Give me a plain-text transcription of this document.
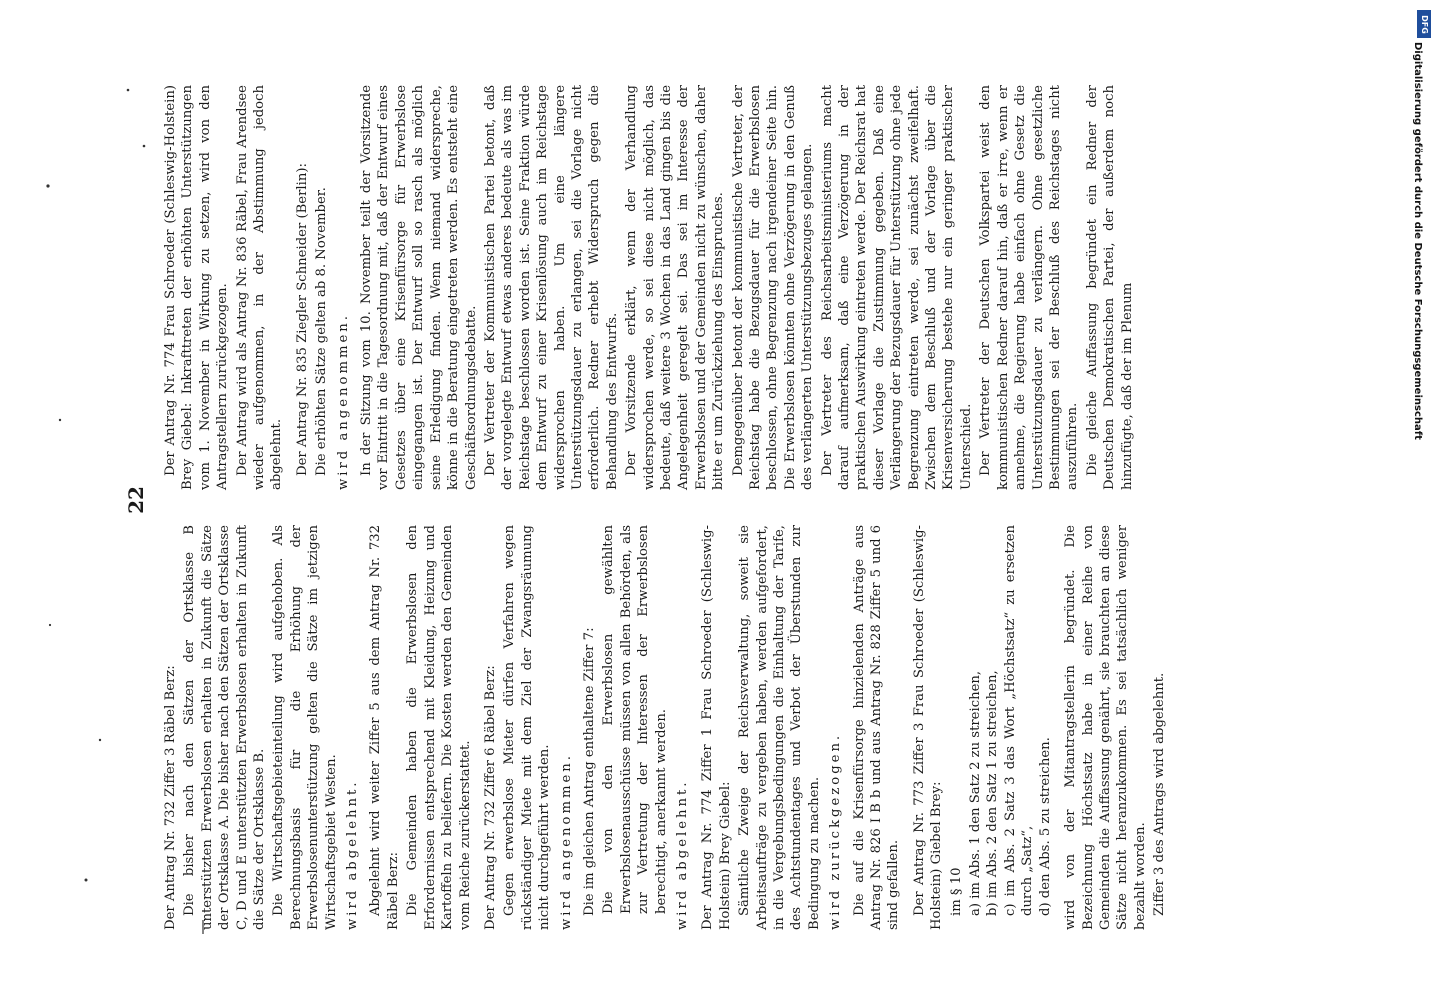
22

Der Antrag Nr. 732 Ziffer 3 Räbel Berz: Die bisher nach den Sätzen der Ortsklasse B unterstützten Erwerbslosen erhalten in Zukunft die Sätze der Ortsklasse A. Die bisher nach den Sätzen der Ortsklasse C, D und E unterstützten Erwerbslosen erhalten in Zukunft die Sätze der Ortsklasse B. Die Wirtschaftsgebieteinteilung wird aufgehoben. Als Berechnungsbasis für die Erhöhung der Erwerbslosenunterstützung gelten die Sätze im jetzigen Wirtschaftsgebiet Westen. wird abgelehnt. Abgelehnt wird weiter Ziffer 5 aus dem Antrag Nr. 732 Räbel Berz: Die Gemeinden haben die Erwerbslosen den Erfordernissen entsprechend mit Kleidung, Heizung und Kartoffeln zu beliefern. Die Kosten werden den Gemeinden vom Reiche zurückerstattet. Der Antrag Nr. 732 Ziffer 6 Räbel Berz: Gegen erwerbslose Mieter dürfen Verfahren wegen rückständiger Miete mit dem Ziel der Zwangsräumung nicht durchgeführt werden. wird angenommen. Die im gleichen Antrag enthaltene Ziffer 7: Die von den Erwerbslosen gewählten Erwerbslosenausschüsse müssen von allen Behörden, als zur Vertretung der Interessen der Erwerbslosen berechtigt, anerkannt werden. wird abgelehnt. Der Antrag Nr. 774 Ziffer 1 Frau Schroeder (Schleswig-Holstein) Brey Giebel: Sämtliche Zweige der Reichsverwaltung, soweit sie Arbeitsaufträge zu vergeben haben, werden aufgefordert, in die Vergebungsbedingungen die Einhaltung der Tarife, des Achtstundentages und Verbot der Überstunden zur Bedingung zu machen. wird zurückgezogen. Die auf die Krisenfürsorge hinzielenden Anträge aus Antrag Nr. 826 I B b und aus Antrag Nr. 828 Ziffer 5 und 6 sind gefallen. Der Antrag Nr. 773 Ziffer 3 Frau Schroeder (Schleswig-Holstein) Giebel Brey: im § 10 a) im Abs. 1 den Satz 2 zu streichen, b) im Abs. 2 den Satz 1 zu streichen, c) im Abs. 2 Satz 3 das Wort „Höchstsatz“ zu ersetzen durch „Satz“, d) den Abs. 5 zu streichen. wird von der Mitantragstellerin begründet. Die Bezeichnung Höchstsatz habe in einer Reihe von Gemeinden die Auffassung genährt, sie brauchten an diese Sätze nicht heranzukommen. Es sei tatsächlich weniger bezahlt worden. Ziffer 3 des Antrags wird abgelehnt.

Der Antrag Nr. 774 Frau Schroeder (Schleswig-Holstein) Brey Giebel: Inkrafttreten der erhöhten Unterstützungen vom 1. November in Wirkung zu setzen, wird von den Antragstellern zurückgezogen. Der Antrag wird als Antrag Nr. 836 Räbel, Frau Arendsee wieder aufgenommen, in der Abstimmung jedoch abgelehnt. Der Antrag Nr. 835 Ziegler Schneider (Berlin): Die erhöhten Sätze gelten ab 8. November. wird angenommen. In der Sitzung vom 10. November teilt der Vorsitzende vor Eintritt in die Tagesordnung mit, daß der Entwurf eines Gesetzes über eine Krisenfürsorge für Erwerbslose eingegangen ist. Der Entwurf soll so rasch als möglich seine Erledigung finden. Wenn niemand widerspreche, könne in die Beratung eingetreten werden. Es entsteht eine Geschäftsordnungsdebatte. Der Vertreter der Kommunistischen Partei betont, daß der vorgelegte Entwurf etwas anderes bedeute als was im Reichstage beschlossen worden ist. Seine Fraktion würde dem Entwurf zu einer Krisenlösung auch im Reichstage widersprochen haben. Um eine längere Unterstützungsdauer zu erlangen, sei die Vorlage nicht erforderlich. Redner erhebt Widerspruch gegen die Behandlung des Entwurfs. Der Vorsitzende erklärt, wenn der Verhandlung widersprochen werde, so sei diese nicht möglich, das bedeute, daß weitere 3 Wochen in das Land gingen bis die Angelegenheit geregelt sei. Das sei im Interesse der Erwerbslosen und der Gemeinden nicht zu wünschen, daher bitte er um Zurückziehung des Einspruches. Demgegenüber betont der kommunistische Vertreter, der Reichstag habe die Bezugsdauer für die Erwerbslosen beschlossen, ohne Begrenzung nach irgendeiner Seite hin. Die Erwerbslosen könnten ohne Verzögerung in den Genuß des verlängerten Unterstützungsbezuges gelangen. Der Vertreter des Reichsarbeitsministeriums macht darauf aufmerksam, daß eine Verzögerung in der praktischen Auswirkung eintreten werde. Der Reichsrat hat dieser Vorlage die Zustimmung gegeben. Daß eine Verlängerung der Bezugsdauer für Unterstützung ohne jede Begrenzung eintreten werde, sei zunächst zweifelhaft. Zwischen dem Beschluß und der Vorlage über die Krisenversicherung bestehe nur ein geringer praktischer Unterschied. Der Vertreter der Deutschen Volkspartei weist den kommunistischen Redner darauf hin, daß er irre, wenn er annehme, die Regierung habe einfach ohne Gesetz die Unterstützungsdauer zu verlängern. Ohne gesetzliche Bestimmungen sei der Beschluß des Reichstages nicht auszuführen. Die gleiche Auffassung begründet ein Redner der Deutschen Demokratischen Partei, der außerdem noch hinzufügte, daß der im Plenum

DFG
Digitalisierung gefördert durch die Deutsche Forschungsgemeinschaft
